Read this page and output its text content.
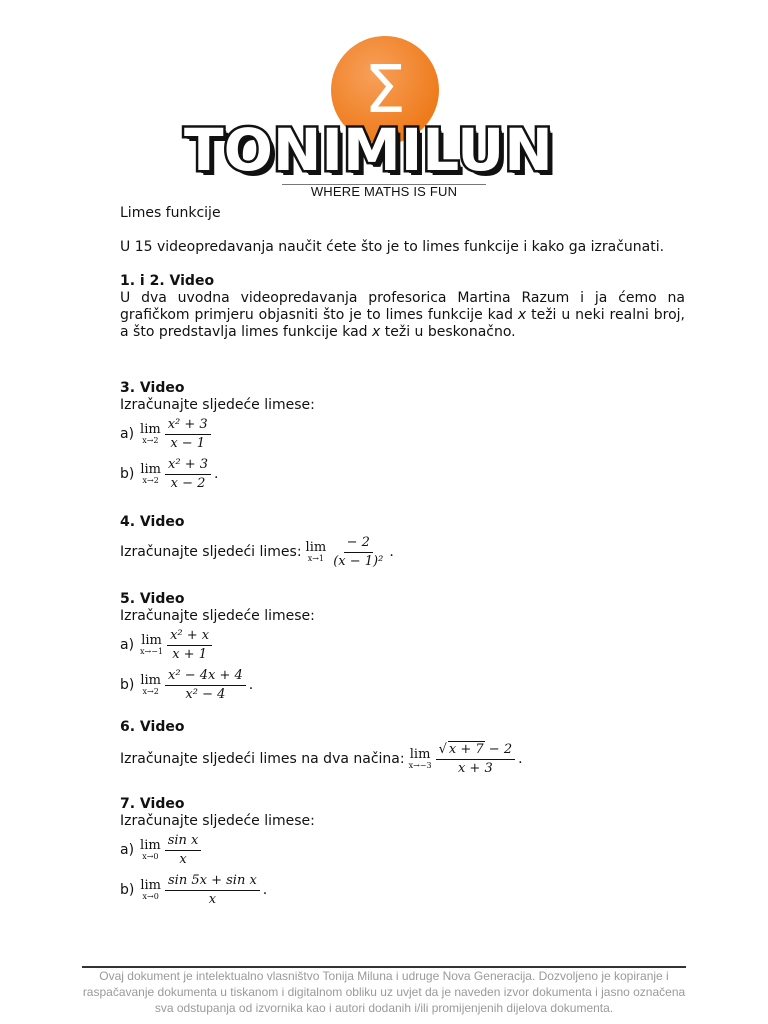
Σ
TONIMILUN
WHERE MATHS IS FUN
Limes funkcije

U 15 videopredavanja naučit ćete što je to limes funkcije i kako ga izračunati.

1. i 2. Video

U dva uvodna videopredavanja profesorica Martina Razum i ja ćemo na grafičkom primjeru objasniti što je to limes funkcije kad x teži u neki realni broj, a što predstavlja limes funkcije kad x teži u beskonačno.

3. Video

Izračunajte sljedeće limese:

a) lim
$x\to 2 \frac{\text{x² + 3}}{x - 1}$
b) lim
$x\to 2 \frac{\text{x² + 3}}{x - 2}$ .
4. Video
Izračunajte sljedeći limes: lim
$x\to 1 \frac{- 2}{\text{(x − 1)²}}$ .
5. Video

Izračunajte sljedeće limese:

a) lim
$x\to-1 \frac{\text{x² + x}}{x + 1}$
b) lim
$x\to 2 \frac{\text{x² − 4x + 4}}{\text{x² − 4}}$ .
6. Video
Izračunajte sljedeći limes na dva načina: lim
$x\to-3 \frac{√ x + 7 - 2}{x + 3}$ .
7. Video

Izračunajte sljedeće limese:

a) lim
$x\to 0 \frac{\text{sin x}}{x}$
b) lim
$x\to 0 \frac{\text{sin 5x + sin x}}{x}$ .
Ovaj dokument je intelektualno vlasništvo Tonija Miluna i udruge Nova Generacija. Dozvoljeno je kopiranje i raspačavanje dokumenta u tiskanom i digitalnom obliku uz uvjet da je naveden izvor dokumenta i jasno označena sva odstupanja od izvornika kao i autori dodanih i/ili promijenjenih dijelova dokumenta.
